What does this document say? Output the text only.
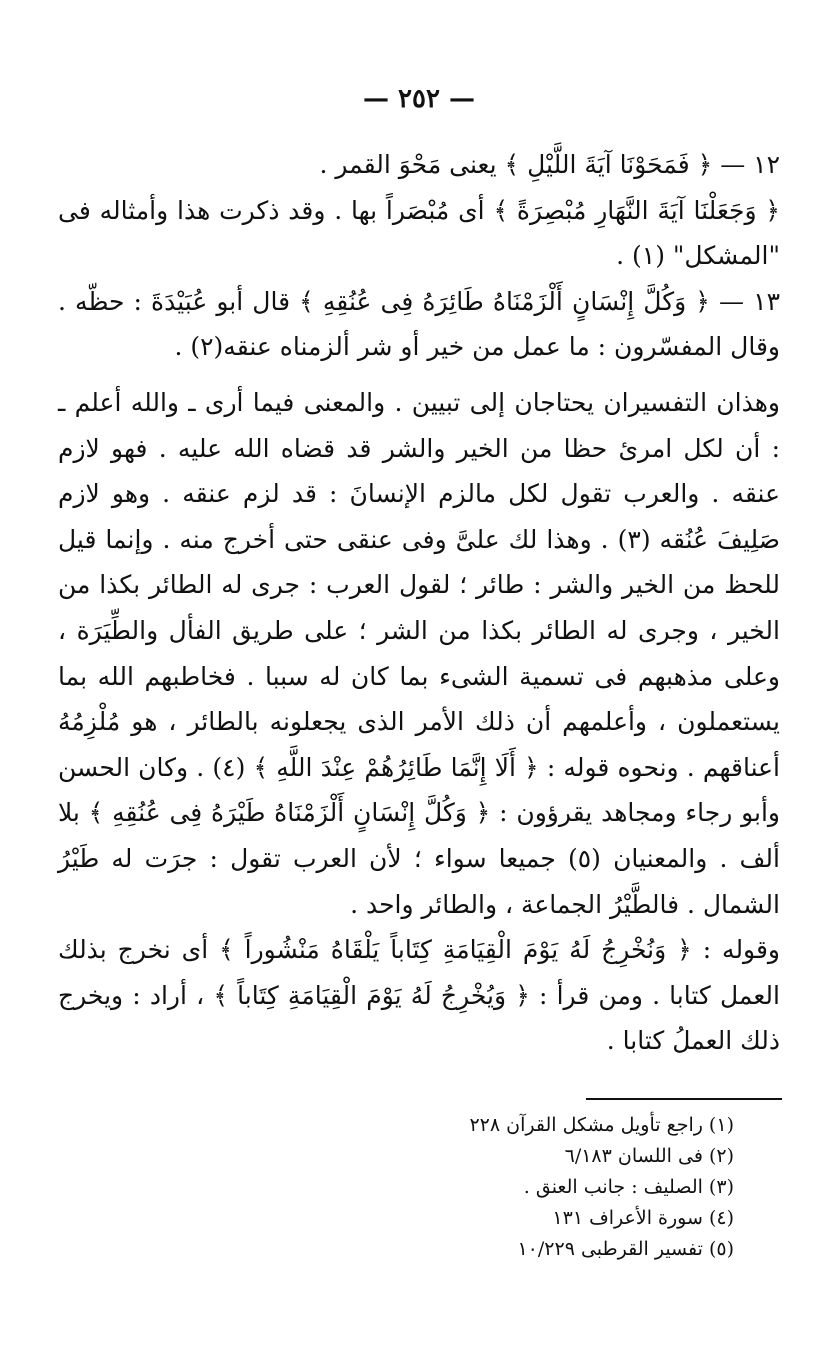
— ٢٥٢ —

١٢ — ﴿ فَمَحَوْنَا آيَةَ اللَّيْلِ ﴾ يعنى مَحْوَ القمر .

﴿ وَجَعَلْنَا آيَةَ النَّهَارِ مُبْصِرَةً ﴾ أى مُبْصَراً بها . وقد ذكرت هذا وأمثاله فى "المشكل" (١) .

١٣ — ﴿ وَكُلَّ إِنْسَانٍ أَلْزَمْنَاهُ طَائِرَهُ فِى عُنُقِهِ ﴾ قال أبو عُبَيْدَةَ : حظّه . وقال المفسّرون : ما عمل من خير أو شر ألزمناه عنقه(٢) .

وهذان التفسيران يحتاجان إلى تبيين . والمعنى فيما أرى ـ والله أعلم ـ : أن لكل امرئ حظا من الخير والشر قد قضاه الله عليه . فهو لازم عنقه . والعرب تقول لكل مالزم الإنسانَ : قد لزم عنقه . وهو لازم صَلِيفَ عُنُقه (٣) . وهذا لك علىَّ وفى عنقى حتى أخرج منه . وإنما قيل للحظ من الخير والشر : طائر ؛ لقول العرب : جرى له الطائر بكذا من الخير ، وجرى له الطائر بكذا من الشر ؛ على طريق الفأل والطِّيَرَة ، وعلى مذهبهم فى تسمية الشىء بما كان له سببا . فخاطبهم الله بما يستعملون ، وأعلمهم أن ذلك الأمر الذى يجعلونه بالطائر ، هو مُلْزِمُهُ أعناقهم . ونحوه قوله : ﴿ أَلَا إِنَّمَا طَائِرُهُمْ عِنْدَ اللَّهِ ﴾ (٤) . وكان الحسن وأبو رجاء ومجاهد يقرؤون : ﴿ وَكُلَّ إِنْسَانٍ أَلْزَمْنَاهُ طَيْرَهُ فِى عُنُقِهِ ﴾ بلا ألف . والمعنيان (٥) جميعا سواء ؛ لأن العرب تقول : جرَت له طَيْرُ الشمال . فالطَّيْرُ الجماعة ، والطائر واحد .

وقوله : ﴿ وَنُخْرِجُ لَهُ يَوْمَ الْقِيَامَةِ كِتَاباً يَلْقَاهُ مَنْشُوراً ﴾ أى نخرج بذلك العمل كتابا . ومن قرأ : ﴿ وَيُخْرِجُ لَهُ يَوْمَ الْقِيَامَةِ كِتَاباً ﴾ ، أراد : ويخرج ذلك العملُ كتابا .

(١) راجع تأويل مشكل القرآن ٢٢٨
(٢) فى اللسان ٦/١٨٣
(٣) الصليف : جانب العنق .
(٤) سورة الأعراف ١٣١
(٥) تفسير القرطبى ١٠/٢٢٩
